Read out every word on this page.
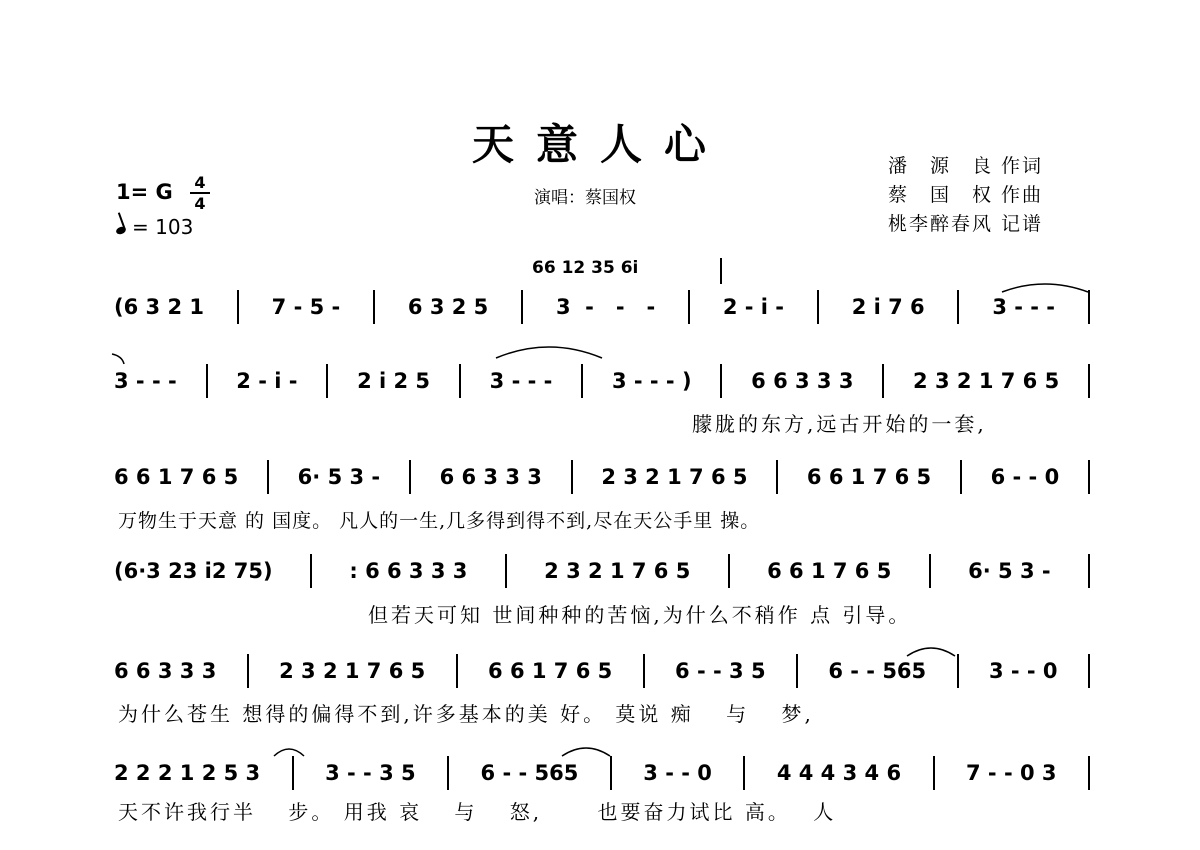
天意人心
演唱：蔡国权
潘　源　良 作词
蔡　国　权 作曲
桃李醉春风 记谱
1= G 4
4
= 103
66 12 35 6i
(6 3 2 1	7 - 5 -	6 3 2 5	3  -   -   -	2 - i -	2 i 7 6	3 - - -
3 - - -	2 - i -	2 i 2 5	3 - - -	3 - - - )	6 6 3 3 3	2 3 2 1 7 6 5
朦胧的东方,远古开始的一套,
6 6 1 7 6 5	6· 5 3 -	6 6 3 3 3	2 3 2 1 7 6 5	6 6 1 7 6 5	6 - - 0
万物生于天意 的 国度。 凡人的一生,几多得到得不到,尽在天公手里 操。
(6·3 23 i2 75)	: 6 6 3 3 3	2 3 2 1 7 6 5	6 6 1 7 6 5	6· 5 3 -
但若天可知 世间种种的苦恼,为什么不稍作 点 引导。
6 6 3 3 3	2 3 2 1 7 6 5	6 6 1 7 6 5	6 - - 3 5	6 - - 565	3 - - 0
为什么苍生 想得的偏得不到,许多基本的美 好。 莫说 痴　 与　 梦,
2 2 2 1 2 5 3	3 - - 3 5	6 - - 565	3 - - 0	4 4 4 3 4 6	7 - - 0 3
天不许我行半　 步。 用我 哀　 与　 怒,　　 也要奋力试比 高。　 人
